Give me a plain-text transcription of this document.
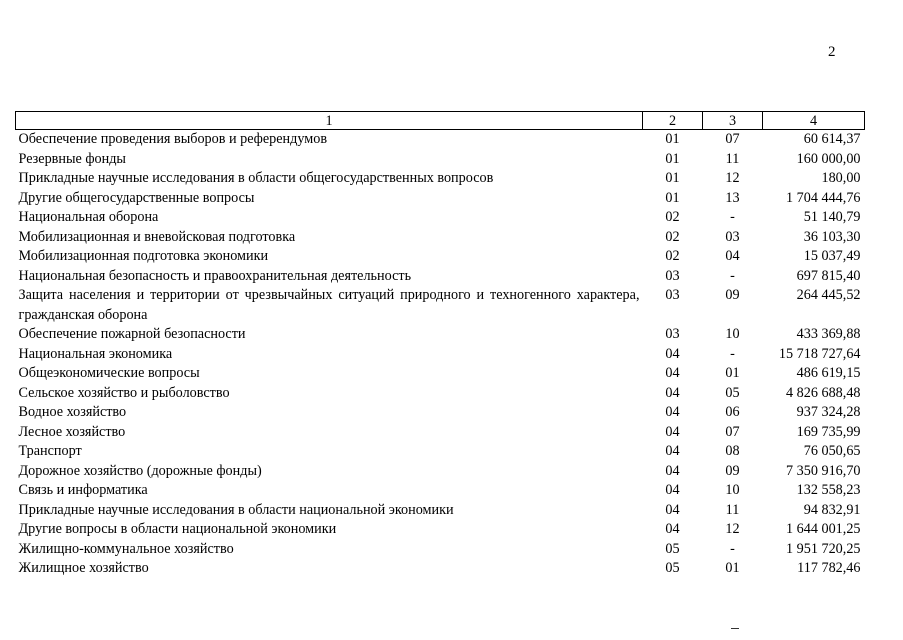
2
1	2	3	4
Обеспечение проведения выборов и референдумов	01	07	60 614,37
Резервные фонды	01	11	160 000,00
Прикладные научные исследования в области общегосударственных вопросов	01	12	180,00
Другие общегосударственные вопросы	01	13	1 704 444,76
Национальная оборона	02	-	51 140,79
Мобилизационная и вневойсковая подготовка	02	03	36 103,30
Мобилизационная подготовка экономики	02	04	15 037,49
Национальная безопасность и правоохранительная деятельность	03	-	697 815,40
Защита населения и территории от чрезвычайных ситуаций природного и техногенного характера, гражданская оборона	03	09	264 445,52
Обеспечение пожарной безопасности	03	10	433 369,88
Национальная экономика	04	-	15 718 727,64
Общеэкономические вопросы	04	01	486 619,15
Сельское хозяйство и рыболовство	04	05	4 826 688,48
Водное хозяйство	04	06	937 324,28
Лесное хозяйство	04	07	169 735,99
Транспорт	04	08	76 050,65
Дорожное хозяйство (дорожные фонды)	04	09	7 350 916,70
Связь и информатика	04	10	132 558,23
Прикладные научные исследования в области национальной экономики	04	11	94 832,91
Другие вопросы в области национальной экономики	04	12	1 644 001,25
Жилищно-коммунальное хозяйство	05	-	1 951 720,25
Жилищное хозяйство	05	01	117 782,46
